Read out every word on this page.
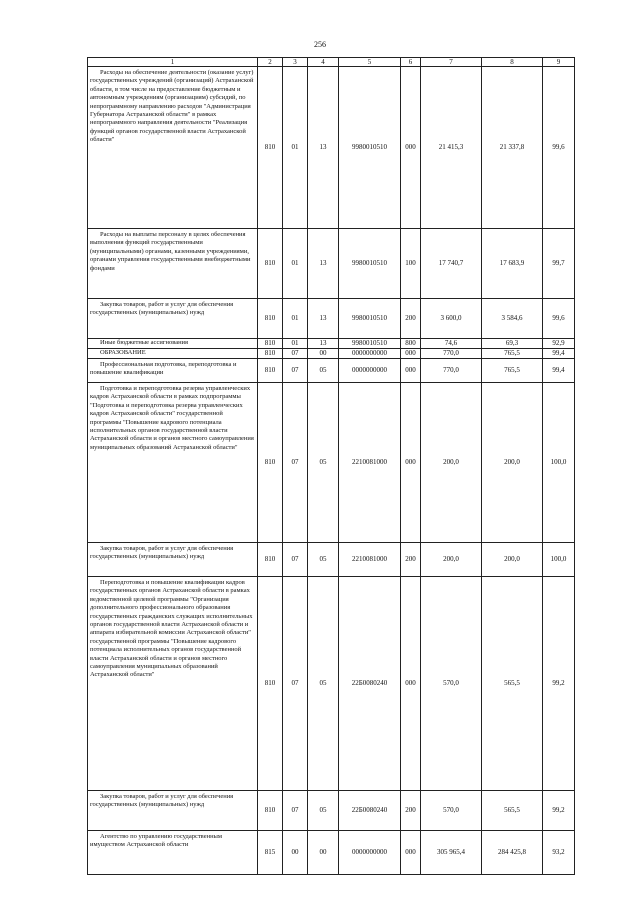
256
1	2	3	4	5	6	7	8	9

Расходы на обеспечение деятельности (оказание услуг) государственных учреждений (организаций) Астраханской области, в том числе на предоставление бюджетным и автономным учреждениям (организациям) субсидий, по непрограммному направлению расходов "Администрация Губернатора Астраханской области" в рамках непрограммного направления деятельности "Реализация функций органов государственной власти Астраханской области"	810	01	13	9980010510	000	21 415,3	21 337,8	99,6

Расходы на выплаты персоналу в целях обеспечения выполнения функций государственными (муниципальными) органами, казенными учреждениями, органами управления государственными внебюджетными фондами	810	01	13	9980010510	100	17 740,7	17 683,9	99,7

Закупка товаров, работ и услуг для обеспечения государственных (муниципальных) нужд	810	01	13	9980010510	200	3 600,0	3 584,6	99,6

Иные бюджетные ассигнования	810	01	13	9980010510	800	74,6	69,3	92,9

ОБРАЗОВАНИЕ	810	07	00	0000000000	000	770,0	765,5	99,4

Профессиональная подготовка, переподготовка и повышение квалификации	810	07	05	0000000000	000	770,0	765,5	99,4

Подготовка и переподготовка резерва управленческих кадров Астраханской области в рамках подпрограммы "Подготовка и переподготовка резерва управленческих кадров Астраханской области" государственной программы "Повышение кадрового потенциала исполнительных органов государственной власти Астраханской области и органов местного самоуправления муниципальных образований Астраханской области"	810	07	05	2210081000	000	200,0	200,0	100,0

Закупка товаров, работ и услуг для обеспечения государственных (муниципальных) нужд	810	07	05	2210081000	200	200,0	200,0	100,0

Переподготовка и повышение квалификации кадров государственных органов Астраханской области в рамках ведомственной целевой программы "Организация дополнительного профессионального образования государственных гражданских служащих исполнительных органов государственной власти Астраханской области и аппарата избирательной комиссии Астраханской области" государственной программы "Повышение кадрового потенциала исполнительных органов государственной власти Астраханской области и органов местного самоуправления муниципальных образований Астраханской области"	810	07	05	22Б0080240	000	570,0	565,5	99,2

Закупка товаров, работ и услуг для обеспечения государственных (муниципальных) нужд	810	07	05	22Б0080240	200	570,0	565,5	99,2

Агентство по управлению государственным имуществом Астраханской области	815	00	00	0000000000	000	305 965,4	284 425,8	93,2
